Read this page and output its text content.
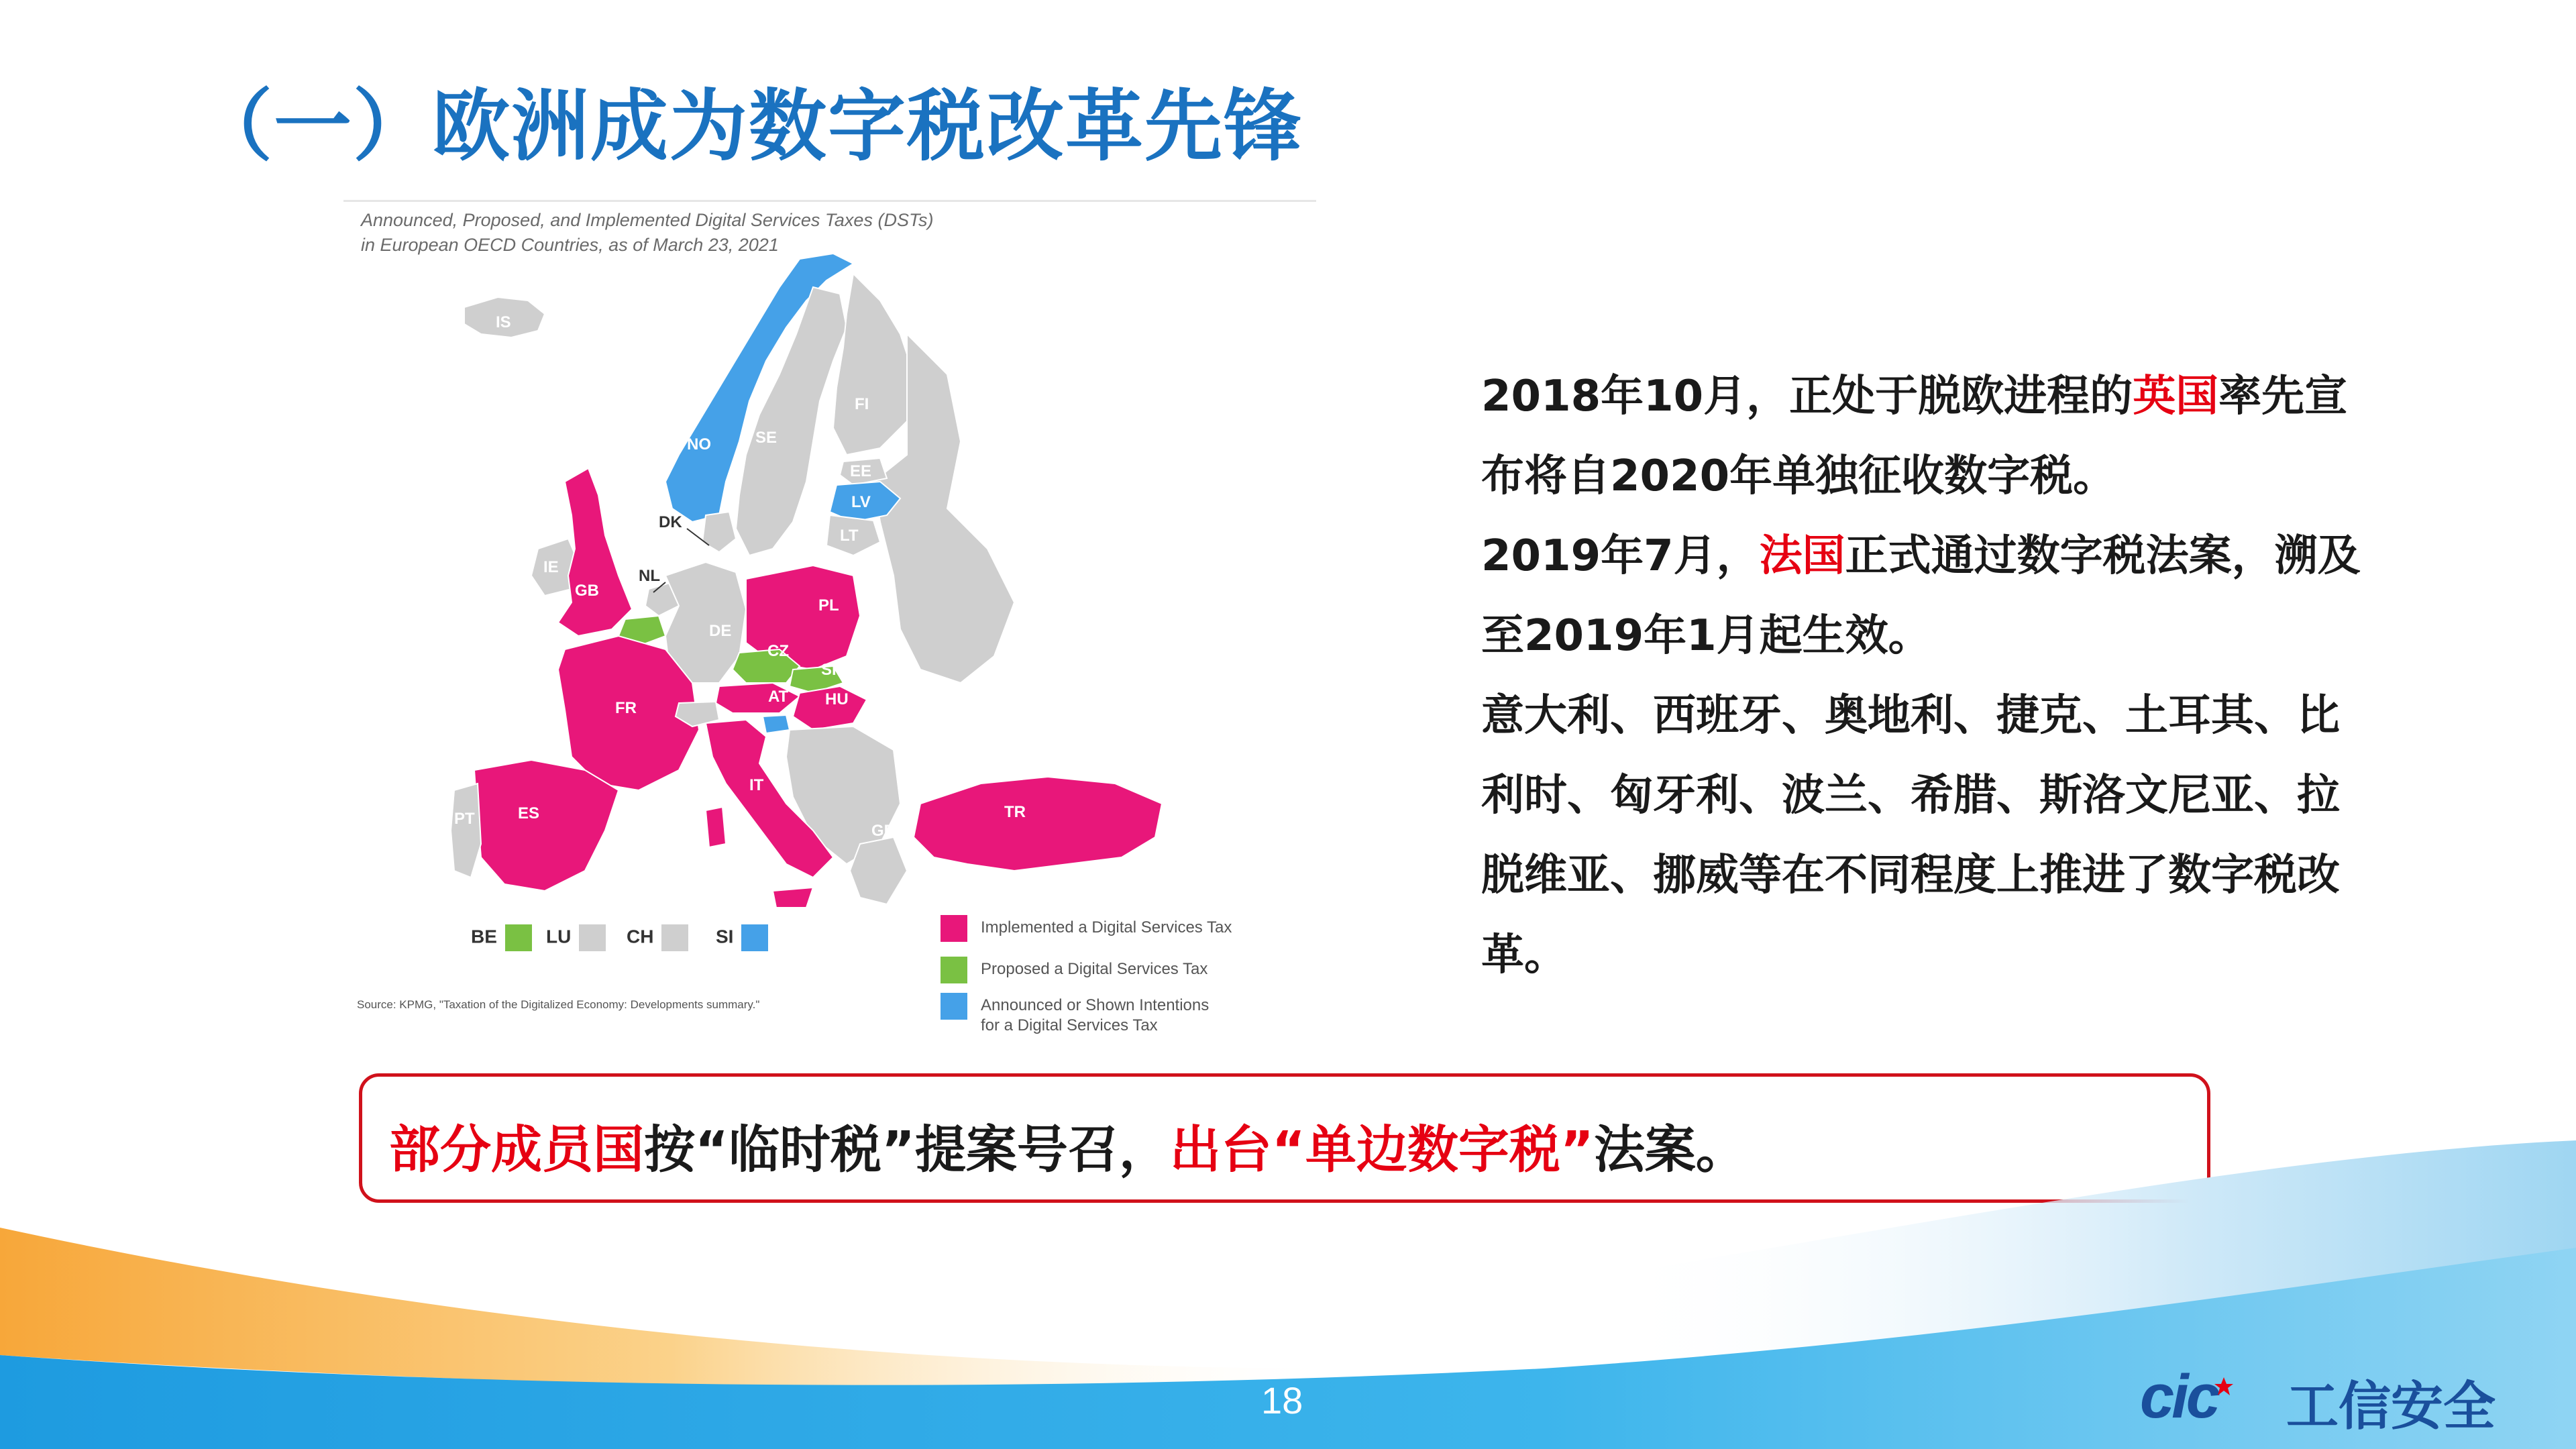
（一）欧洲成为数字税改革先锋
Announced, Proposed, and Implemented Digital Services Taxes (DSTs)
in European OECD Countries, as of March 23, 2021
IS
NO	SE
FI
EE
LV
LT
DK
IE
GB
NL
DE
PL
CZ
SK
AT HU
FR
IT
PT	ES
GR
TR
BE	LU	CH	SI	Implemented a Digital Services Tax
Proposed a Digital Services Tax
Announced or Shown Intentions
for a Digital Services Tax
Source: KPMG, "Taxation of the Digitalized Economy: Developments summary."

2018年10月，正处于脱欧进程的英国率先宣布将自2020年单独征收数字税。

2019年7月，法国正式通过数字税法案，溯及至2019年1月起生效。

意大利、西班牙、奥地利、捷克、土耳其、比利时、匈牙利、波兰、希腊、斯洛文尼亚、拉脱维亚、挪威等在不同程度上推进了数字税改革。

部分成员国按“临时税”提案号召，出台“单边数字税”法案。
18	cic 工信安全
